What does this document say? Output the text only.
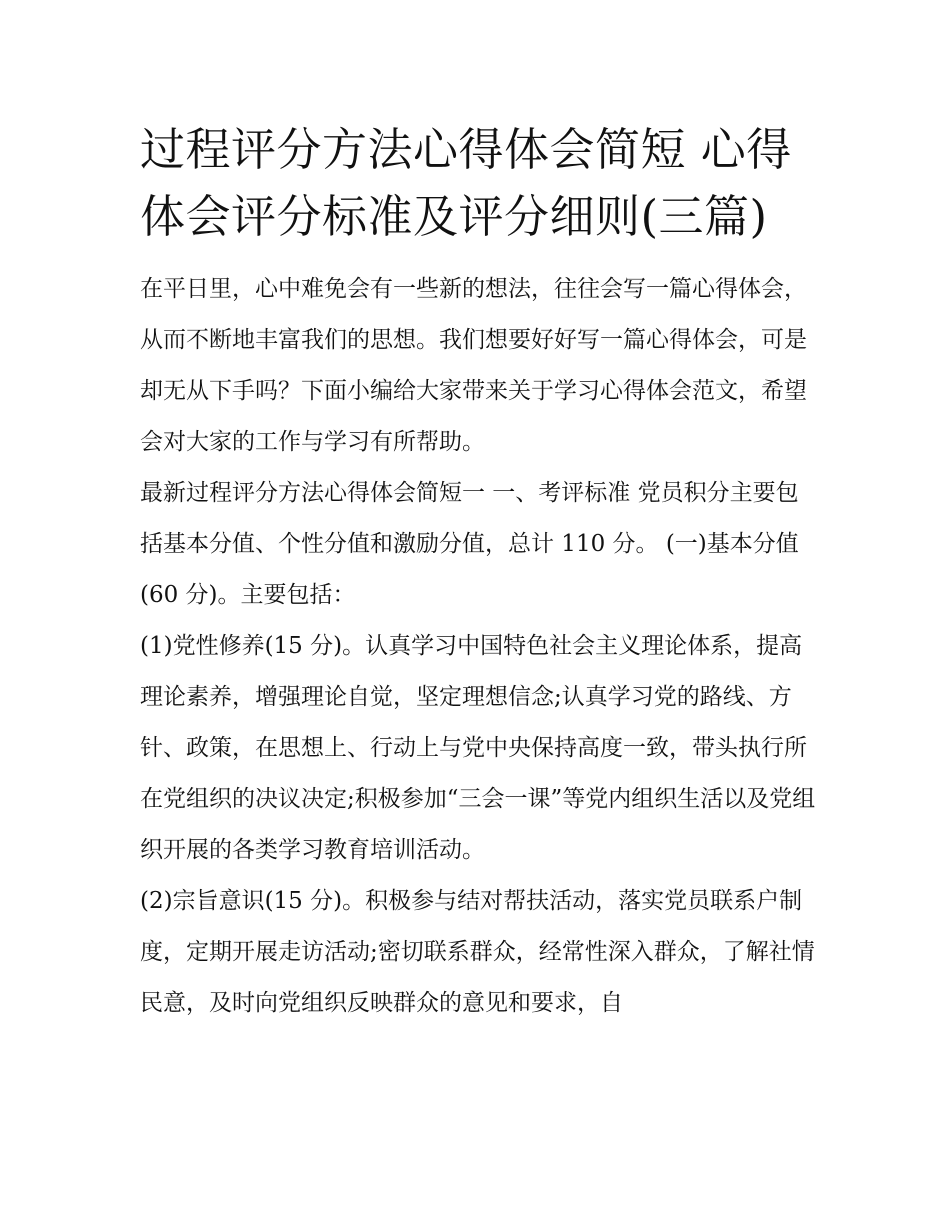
过程评分方法心得体会简短 心得体会评分标准及评分细则(三篇)

在平日里，心中难免会有一些新的想法，往往会写一篇心得体会，从而不断地丰富我们的思想。我们想要好好写一篇心得体会，可是却无从下手吗？下面小编给大家带来关于学习心得体会范文，希望会对大家的工作与学习有所帮助。

最新过程评分方法心得体会简短一 一、考评标准 党员积分主要包括基本分值、个性分值和激励分值，总计 110 分。 (一)基本分值(60 分)。主要包括：

(1)党性修养(15 分)。认真学习中国特色社会主义理论体系，提高理论素养，增强理论自觉，坚定理想信念;认真学习党的路线、方针、政策，在思想上、行动上与党中央保持高度一致，带头执行所在党组织的决议决定;积极参加“三会一课”等党内组织生活以及党组织开展的各类学习教育培训活动。

(2)宗旨意识(15 分)。积极参与结对帮扶活动，落实党员联系户制度，定期开展走访活动;密切联系群众，经常性深入群众，了解社情民意，及时向党组织反映群众的意见和要求，自
